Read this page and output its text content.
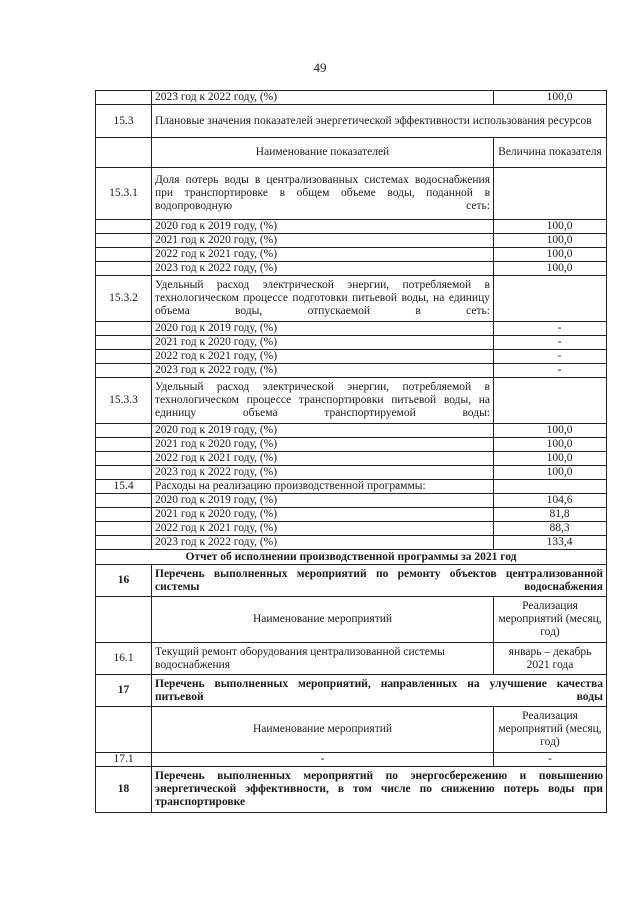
49
	2023 год к 2022 году, (%)	100,0
15.3	Плановые значения показателей энергетической эффективности использования ресурсов	
	Наименование показателей	Величина показателя
15.3.1	Доля потерь воды в централизованных системах водоснабжения при транспортировке в общем объеме воды, поданной в водопроводную сеть:	
	2020 год к 2019 году, (%)	100,0
	2021 год к 2020 году, (%)	100,0
	2022 год к 2021 году, (%)	100,0
	2023 год к 2022 году, (%)	100,0
15.3.2	Удельный расход электрической энергии, потребляемой в технологическом процессе подготовки питьевой воды, на единицу объема воды, отпускаемой в сеть:	
	2020 год к 2019 году, (%)	-
	2021 год к 2020 году, (%)	-
	2022 год к 2021 году, (%)	-
	2023 год к 2022 году, (%)	-
15.3.3	Удельный расход электрической энергии, потребляемой в технологическом процессе транспортировки питьевой воды, на единицу объема транспортируемой воды:	
	2020 год к 2019 году, (%)	100,0
	2021 год к 2020 году, (%)	100,0
	2022 год к 2021 году, (%)	100,0
	2023 год к 2022 году, (%)	100,0
15.4	Расходы на реализацию производственной программы:	
	2020 год к 2019 году, (%)	104,6
	2021 год к 2020 году, (%)	81,8
	2022 год к 2021 году, (%)	88,3
	2023 год к 2022 году, (%)	133,4
Отчет об исполнении производственной программы за 2021 год		
16	Перечень выполненных мероприятий по ремонту объектов централизованной системы водоснабжения	
	Наименование мероприятий	Реализация мероприятий (месяц, год)
16.1	Текущий ремонт оборудования централизованной системы водоснабжения	январь – декабрь 2021 года
17	Перечень выполненных мероприятий, направленных на улучшение качества питьевой воды	
	Наименование мероприятий	Реализация мероприятий (месяц, год)
17.1	-	-
18	Перечень выполненных мероприятий по энергосбережению и повышению энергетической эффективности, в том числе по снижению потерь воды при транспортировке	
